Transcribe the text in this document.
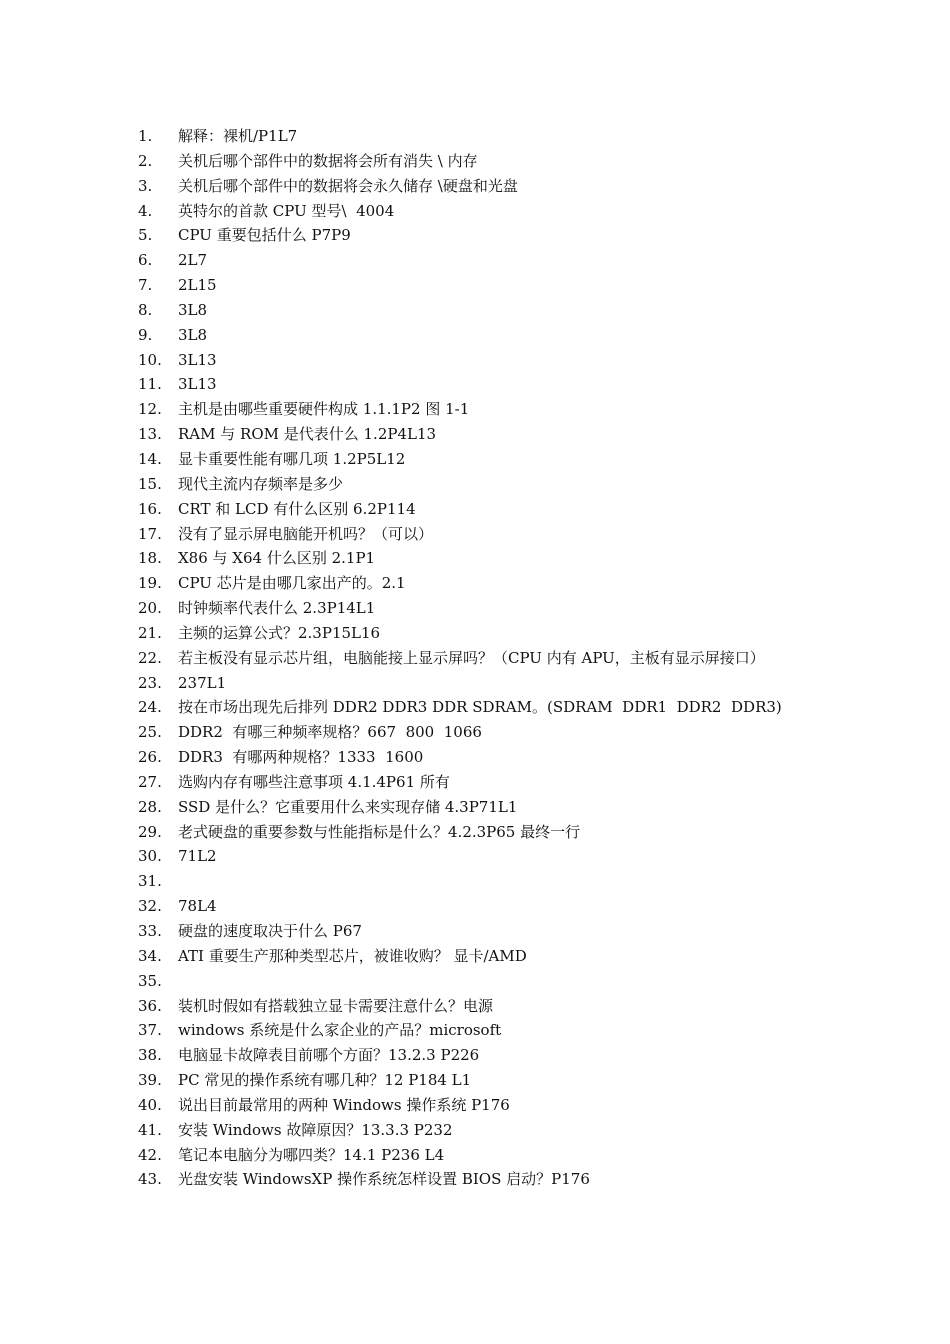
1.	解释：裸机/P1L7
2.	关机后哪个部件中的数据将会所有消失 \ 内存
3.	关机后哪个部件中的数据将会永久储存 \硬盘和光盘
4.	英特尔的首款 CPU 型号\  4004
5.	CPU 重要包括什么 P7P9
6.	2L7
7.	2L15
8.	3L8
9.	3L8
10.	3L13
11.	3L13
12.	主机是由哪些重要硬件构成 1.1.1P2 图 1-1
13.	RAM 与 ROM 是代表什么 1.2P4L13
14.	显卡重要性能有哪几项 1.2P5L12
15.	现代主流内存频率是多少
16.	CRT 和 LCD 有什么区别 6.2P114
17.	没有了显示屏电脑能开机吗？（可以）
18.	X86 与 X64 什么区别 2.1P1
19.	CPU 芯片是由哪几家出产的。2.1
20.	时钟频率代表什么 2.3P14L1
21.	主频的运算公式？2.3P15L16
22.	若主板没有显示芯片组，电脑能接上显示屏吗？（CPU 内有 APU，主板有显示屏接口）
23.	237L1
24.	按在市场出现先后排列 DDR2 DDR3 DDR SDRAM。(SDRAM  DDR1  DDR2  DDR3)
25.	DDR2  有哪三种频率规格？667  800  1066
26.	DDR3  有哪两种规格？1333  1600
27.	选购内存有哪些注意事项 4.1.4P61 所有
28.	SSD 是什么？它重要用什么来实现存储 4.3P71L1
29.	老式硬盘的重要参数与性能指标是什么？4.2.3P65 最终一行
30.	71L2
31.
32.	78L4
33.	硬盘的速度取决于什么 P67
34.	ATI 重要生产那种类型芯片，被谁收购？ 显卡/AMD
35.
36.	装机时假如有搭载独立显卡需要注意什么？电源
37.	windows 系统是什么家企业的产品？microsoft
38.	电脑显卡故障表目前哪个方面？13.2.3 P226
39.	PC 常见的操作系统有哪几种？12 P184 L1
40.	说出目前最常用的两种 Windows 操作系统 P176
41.	安装 Windows 故障原因？13.3.3 P232
42.	笔记本电脑分为哪四类？14.1 P236 L4
43.	光盘安装 WindowsXP 操作系统怎样设置 BIOS 启动？P176
